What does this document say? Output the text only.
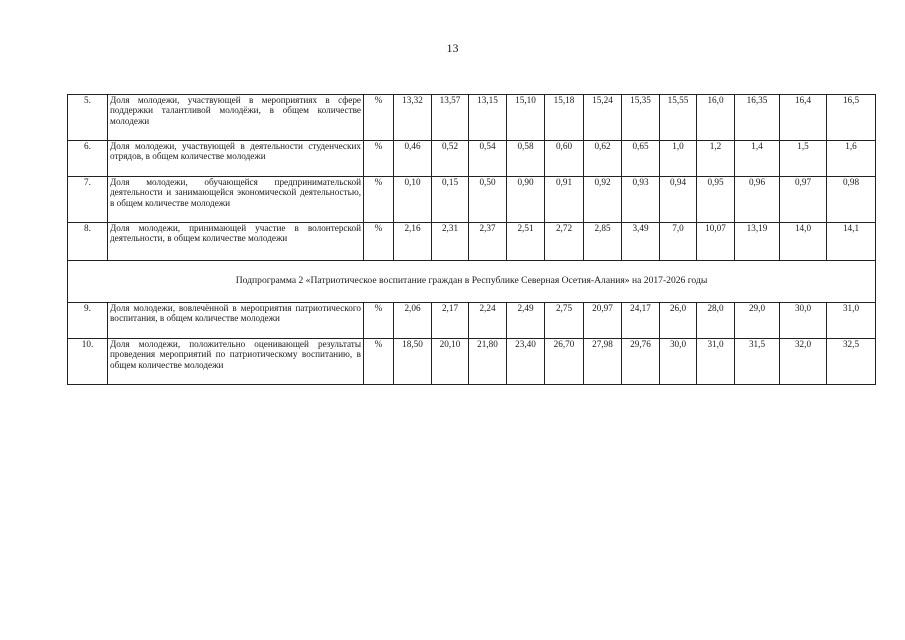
13
5.	Доля молодежи, участвующей в мероприятиях в сфере поддержки талантливой молодёжи, в общем количестве молодежи	%	13,32	13,57	13,15	15,10	15,18	15,24	15,35	15,55	16,0	16,35	16,4	16,5
6.	Доля молодежи, участвующей в деятельности студенческих отрядов, в общем количестве молодежи	%	0,46	0,52	0,54	0,58	0,60	0,62	0,65	1,0	1,2	1,4	1,5	1,6
7.	Доля молодежи, обучающейся предпринимательской деятельности и занимающейся экономической деятельностью, в общем количестве молодежи	%	0,10	0,15	0,50	0,90	0,91	0,92	0,93	0,94	0,95	0,96	0,97	0,98
8.	Доля молодежи, принимающей участие в волонтерской деятельности, в общем количестве молодежи	%	2,16	2,31	2,37	2,51	2,72	2,85	3,49	7,0	10,07	13,19	14,0	14,1
Подпрограмма 2 «Патриотическое воспитание граждан в Республике Северная Осетия-Алания» на 2017-2026 годы														
9.	Доля молодежи, вовлечённой в мероприятия патриотического воспитания, в общем количестве молодежи	%	2,06	2,17	2,24	2,49	2,75	20,97	24,17	26,0	28,0	29,0	30,0	31,0
10.	Доля молодежи, положительно оценивающей результаты проведения мероприятий по патриотическому воспитанию, в общем количестве молодежи	%	18,50	20,10	21,80	23,40	26,70	27,98	29,76	30,0	31,0	31,5	32,0	32,5
